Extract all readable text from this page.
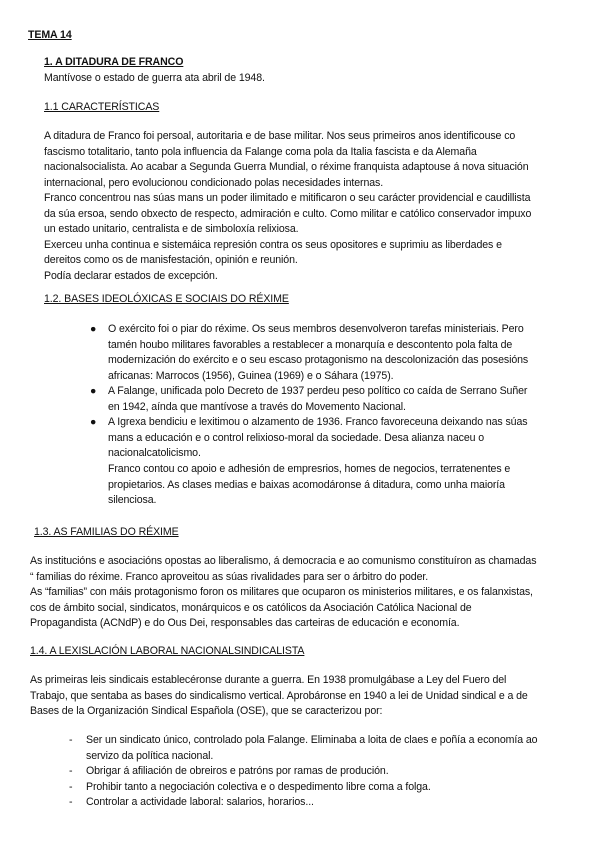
TEMA 14
1. A DITADURA DE FRANCO
Mantívose o estado de guerra ata abril de 1948.
1.1 CARACTERÍSTICAS
A ditadura de Franco foi persoal, autoritaria e de base militar. Nos seus primeiros anos identificouse co
fascismo totalitario, tanto pola influencia da Falange coma pola da Italia fascista e da Alemaña
nacionalsocialista. Ao acabar a Segunda Guerra Mundial, o réxime franquista adaptouse á nova situación
internacional, pero evolucionou condicionado polas necesidades internas.
Franco concentrou nas súas mans un poder ilimitado e mitificaron o seu carácter providencial e caudillista
da súa ersoa, sendo obxecto de respecto, admiración e culto. Como militar e católico conservador impuxo
un estado unitario, centralista e de simboloxía relixiosa.
Exerceu unha continua e sistemáica represión contra os seus opositores e suprimiu as liberdades e
dereitos como os de manisfestación, opinión e reunión.
Podía declarar estados de excepción.
1.2. BASES IDEOLÓXICAS E SOCIAIS DO RÉXIME
● O exército foi o piar do réxime. Os seus membros desenvolveron tarefas ministeriais. Pero
tamén houbo militares favorables a restablecer a monarquía e descontento pola falta de
modernización do exército e o seu escaso protagonismo na descolonización das posesións
africanas: Marrocos (1956), Guinea (1969) e o Sáhara (1975).
● A Falange, unificada polo Decreto de 1937 perdeu peso político co caída de Serrano Suñer
en 1942, aínda que mantívose a través do Movemento Nacional.
● A Igrexa bendiciu e lexitimou o alzamento de 1936. Franco favoreceuna deixando nas súas
mans a educación e o control relixioso-moral da sociedade. Desa alianza naceu o
nacionalcatolicismo.
Franco contou co apoio e adhesión de empresrios, homes de negocios, terratenentes e
propietarios. As clases medias e baixas acomodáronse á ditadura, como unha maioría
silenciosa.
1.3. AS FAMILIAS DO RÉXIME
As institucións e asociacións opostas ao liberalismo, á democracia e ao comunismo constituíron as chamadas
“ familias do réxime. Franco aproveitou as súas rivalidades para ser o árbitro do poder.
As “familias” con máis protagonismo foron os militares que ocuparon os ministerios militares, e os falanxistas,
cos de ámbito social, sindicatos, monárquicos e os católicos da Asociación Católica Nacional de
Propagandista (ACNdP) e do Ous Dei, responsables das carteiras de educación e economía.
1.4. A LEXISLACIÓN LABORAL NACIONALSINDICALISTA
As primeiras leis sindicais establecéronse durante a guerra. En 1938 promulgábase a Ley del Fuero del
Trabajo, que sentaba as bases do sindicalismo vertical. Aprobáronse en 1940 a lei de Unidad sindical e a de
Bases de la Organización Sindical Española (OSE), que se caracterizou por:
- Ser un sindicato único, controlado pola Falange. Eliminaba a loita de claes e poñía a economía ao
servizo da política nacional.
- Obrigar á afiliación de obreiros e patróns por ramas de produción.
- Prohibir tanto a negociación colectiva e o despedimento libre coma a folga.
- Controlar a actividade laboral: salarios, horarios...
